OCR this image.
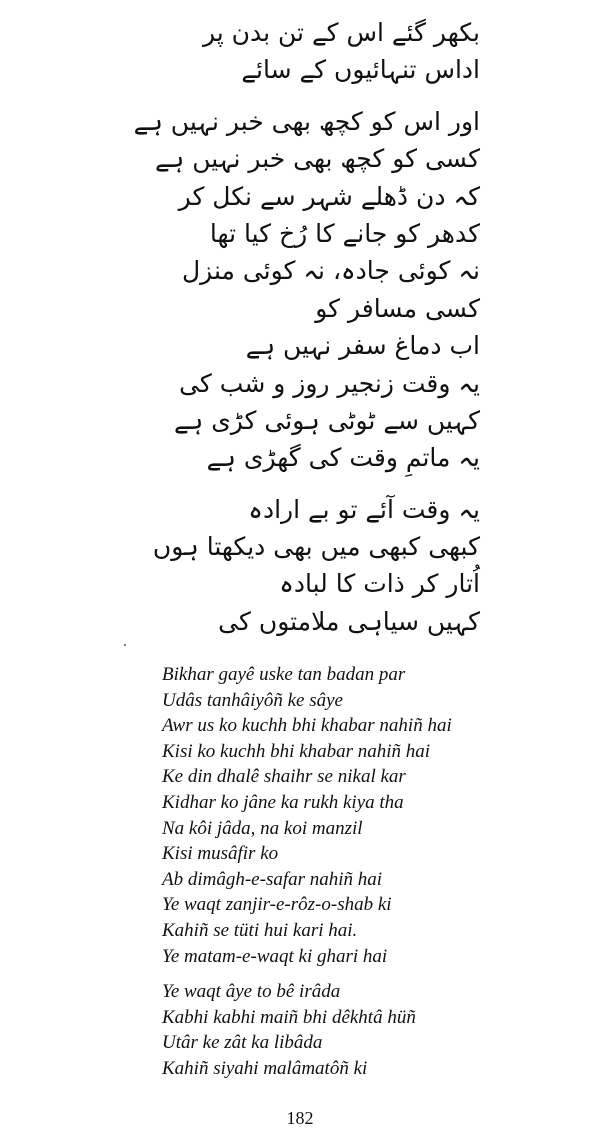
بکھر گئے اس کے تن بدن پر
اداس تنہائیوں کے سائے
اور اس کو کچھ بھی خبر نہیں ہے
کسی کو کچھ بھی خبر نہیں ہے
کہ دن ڈھلے شہر سے نکل کر
کدھر کو جانے کا رُخ کیا تھا
نہ کوئی جادہ، نہ کوئی منزل
کسی مسافر کو
اب دماغ سفر نہیں ہے
یہ وقت زنجیر روز و شب کی
کہیں سے ٹوٹی ہوئی کڑی ہے
یہ ماتمِ وقت کی گھڑی ہے
یہ وقت آئے تو بے ارادہ
کبھی کبھی میں بھی دیکھتا ہوں
اُتار کر ذات کا لبادہ
کہیں سیاہی ملامتوں کی
Bikhar gayê uske tan badan par
Udâs tanhâiyôñ ke sâye
Awr us ko kuchh bhi khabar nahiñ hai
Kisi ko kuchh bhi khabar nahiñ hai
Ke din dhalê shaihr se nikal kar
Kidhar ko jâne ka rukh kiya tha
Na kôi jâda, na koi manzil
Kisi musâfir ko
Ab dimâgh-e-safar nahiñ hai
Ye waqt zanjir-e-rôz-o-shab ki
Kahiñ se tüti hui kari hai.
Ye matam-e-waqt ki ghari hai
Ye waqt âye to bê irâda
Kabhi kabhi maiñ bhi dêkhtâ hüñ
Utâr ke zât ka libâda
Kahiñ siyahi malâmatôñ ki
182
